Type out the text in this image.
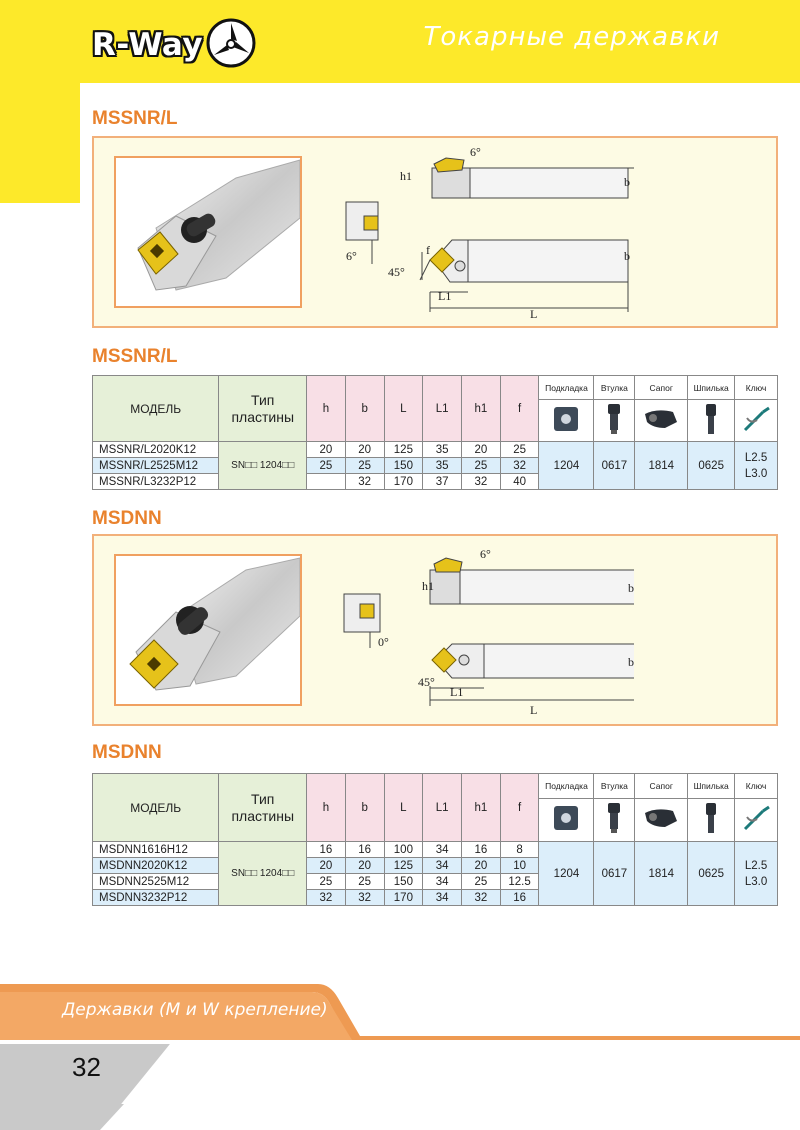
R-Way	Токарные державки
MSSNR/L
6°
h1	b
6°	f	b
45°
L1
L
MSSNR/L
МОДЕЛЬ	Тип пластины	h	b	L	L1	h1	f	Подкладка	Втулка	Сапог	Шпилька	Ключ

MSSNR/L2020K12	SN□□ 1204□□	20	20	125	35	20	25	1204	0617	1814	0625	L2.5 L3.0
MSSNR/L2525M12		25	25	150	35	25	32					
MSSNR/L3232P12			32	170	37	32	40					
MSDNN
6°
h1	b
0°
b
45°
L1
L
MSDNN
МОДЕЛЬ	Тип пластины	h	b	L	L1	h1	f	Подкладка	Втулка	Сапог	Шпилька	Ключ

MSDNN1616H12	SN□□ 1204□□	16	16	100	34	16	8	1204	0617	1814	0625	L2.5 L3.0
MSDNN2020K12		20	20	125	34	20	10					
MSDNN2525M12		25	25	150	34	25	12.5					
MSDNN3232P12		32	32	170	34	32	16					
Державки (M и W крепление)
32
